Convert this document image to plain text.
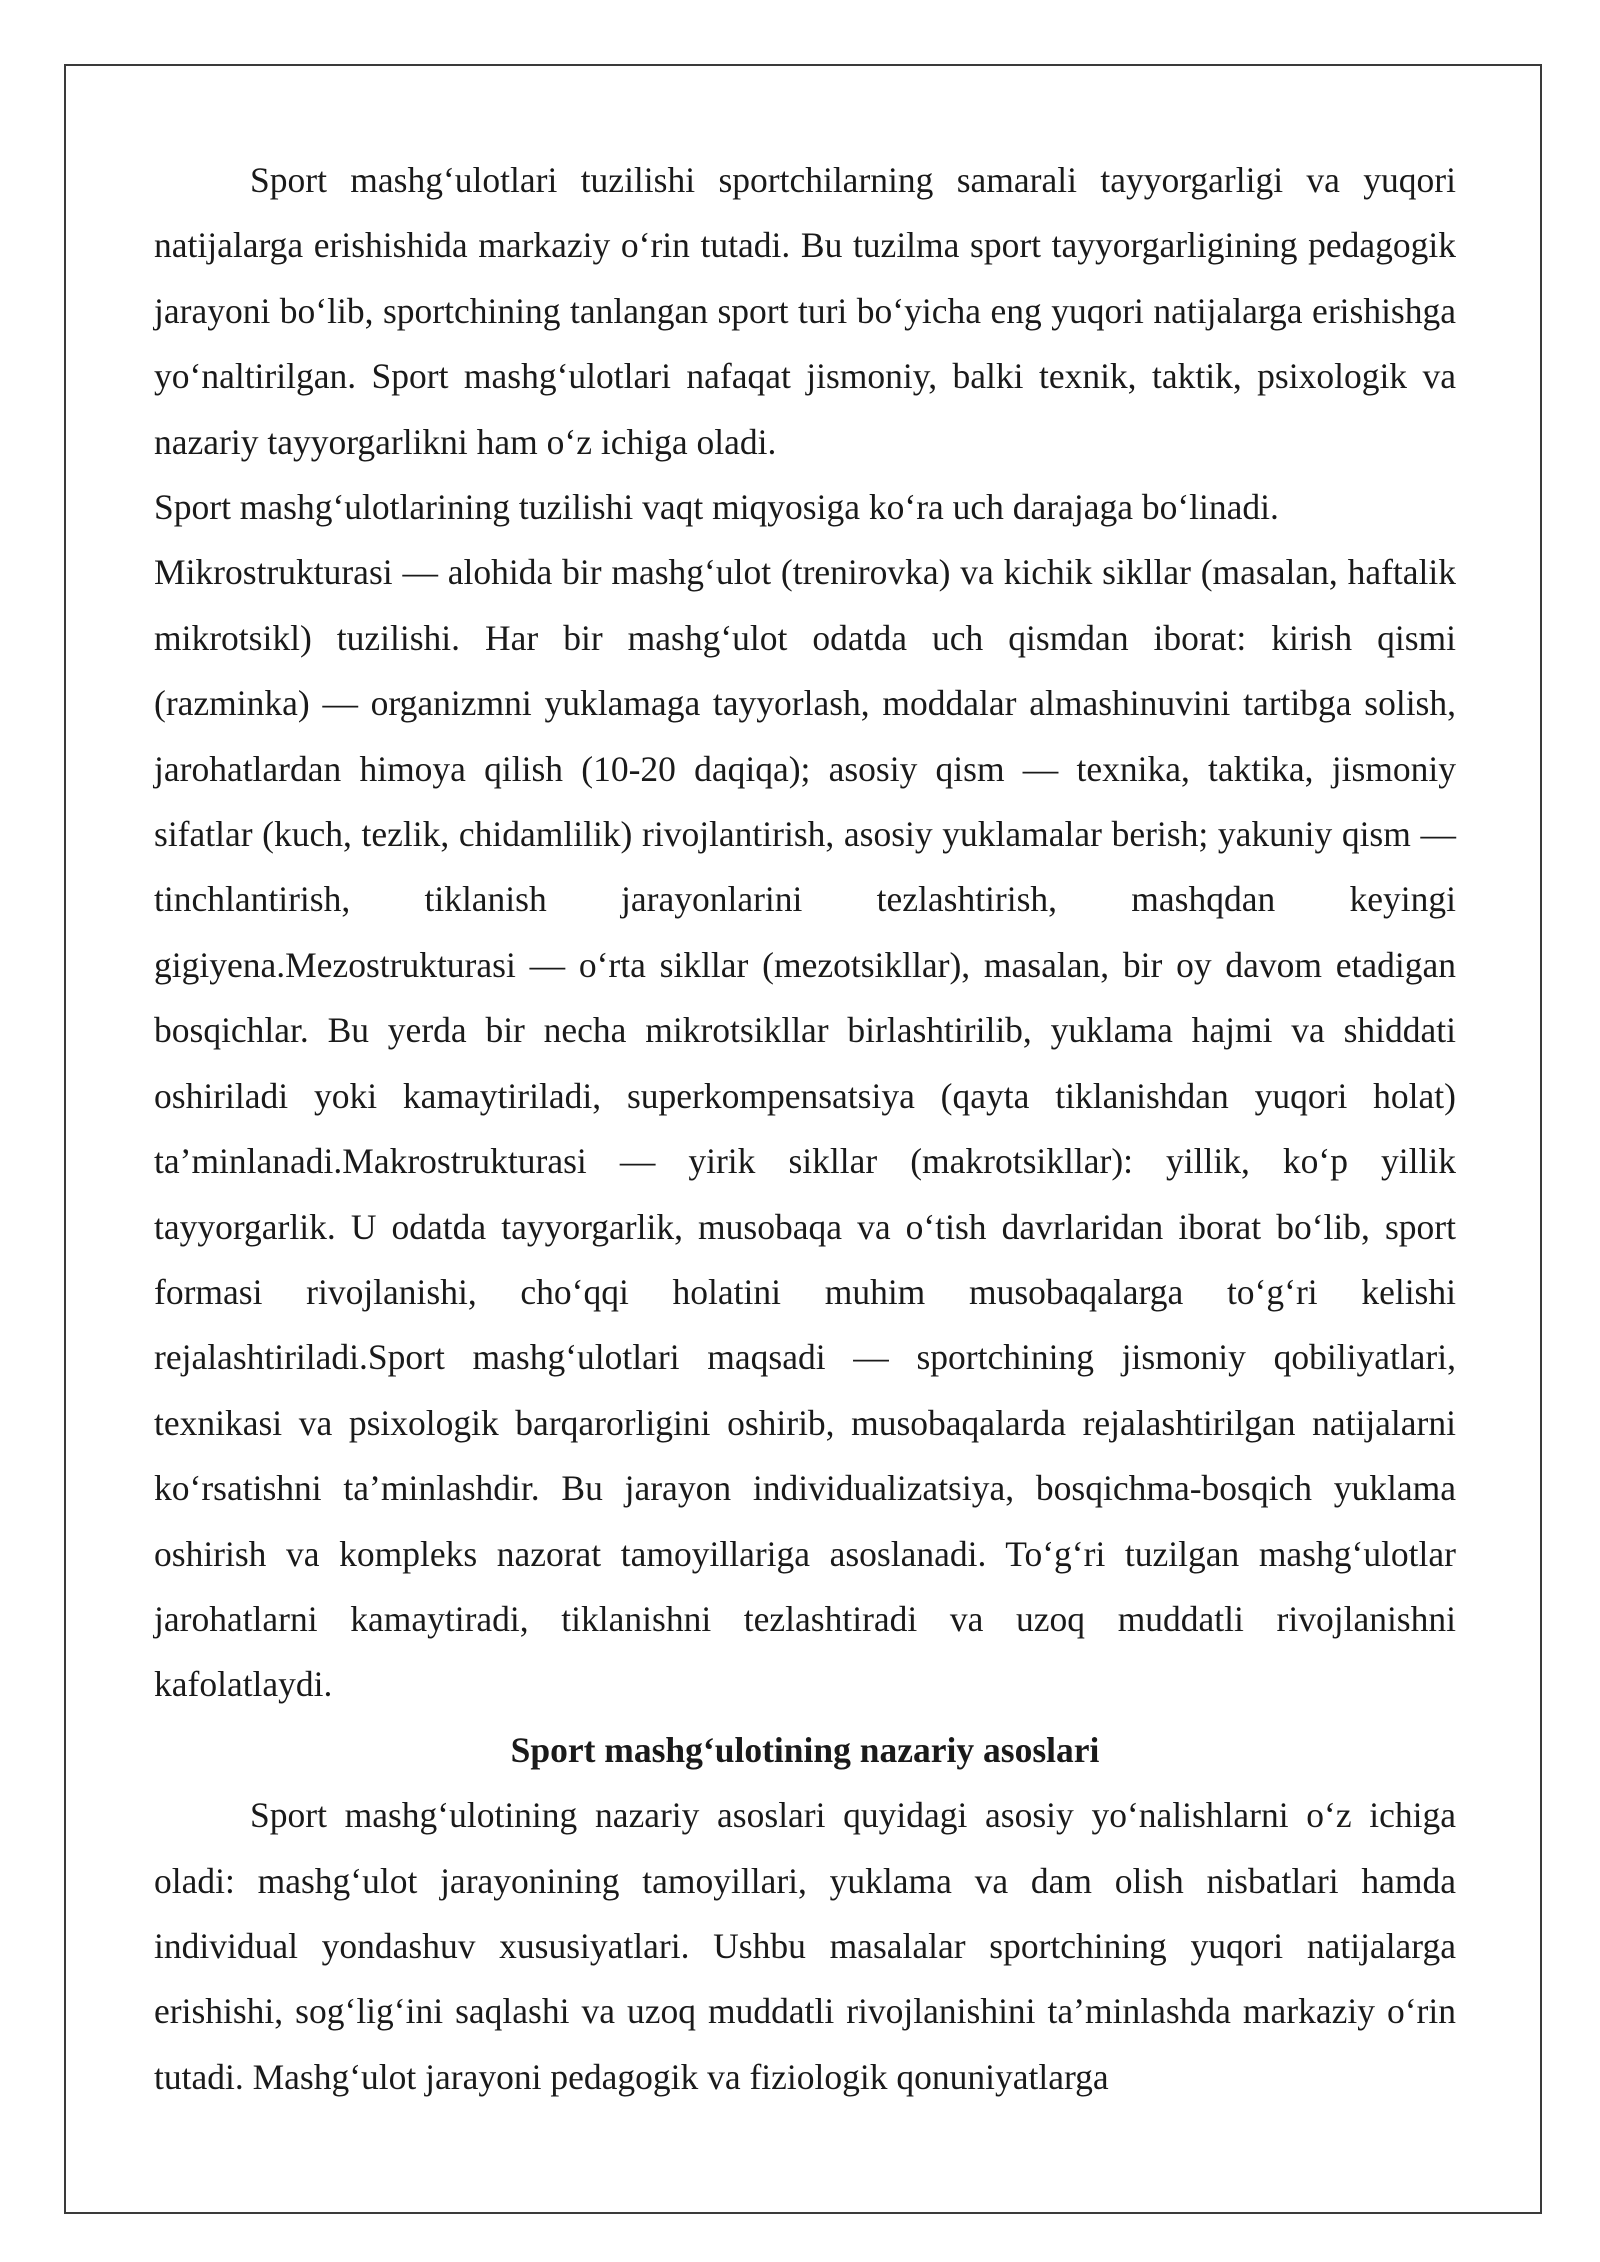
Sport mashg‘ulotlari tuzilishi sportchilarning samarali tayyorgarligi va yuqori natijalarga erishishida markaziy o‘rin tutadi. Bu tuzilma sport tayyorgarligining pedagogik jarayoni bo‘lib, sportchining tanlangan sport turi bo‘yicha eng yuqori natijalarga erishishga yo‘naltirilgan. Sport mashg‘ulotlari nafaqat jismoniy, balki texnik, taktik, psixologik va nazariy tayyorgarlikni ham o‘z ichiga oladi.

Sport mashg‘ulotlarining tuzilishi vaqt miqyosiga ko‘ra uch darajaga bo‘linadi.

Mikrostrukturasi — alohida bir mashg‘ulot (trenirovka) va kichik sikllar (masalan, haftalik mikrotsikl) tuzilishi. Har bir mashg‘ulot odatda uch qismdan iborat: kirish qismi (razminka) — organizmni yuklamaga tayyorlash, moddalar almashinuvini tartibga solish, jarohatlardan himoya qilish (10-20 daqiqa); asosiy qism — texnika, taktika, jismoniy sifatlar (kuch, tezlik, chidamlilik) rivojlantirish, asosiy yuklamalar berish; yakuniy qism — tinchlantirish, tiklanish jarayonlarini tezlashtirish, mashqdan keyingi gigiyena.Mezostrukturasi — o‘rta sikllar (mezotsikllar), masalan, bir oy davom etadigan bosqichlar. Bu yerda bir necha mikrotsikllar birlashtirilib, yuklama hajmi va shiddati oshiriladi yoki kamaytiriladi, superkompensatsiya (qayta tiklanishdan yuqori holat) ta’minlanadi.Makrostrukturasi — yirik sikllar (makrotsikllar): yillik, ko‘p yillik tayyorgarlik. U odatda tayyorgarlik, musobaqa va o‘tish davrlaridan iborat bo‘lib, sport formasi rivojlanishi, cho‘qqi holatini muhim musobaqalarga to‘g‘ri kelishi rejalashtiriladi.Sport mashg‘ulotlari maqsadi — sportchining jismoniy qobiliyatlari, texnikasi va psixologik barqarorligini oshirib, musobaqalarda rejalashtirilgan natijalarni ko‘rsatishni ta’minlashdir. Bu jarayon individualizatsiya, bosqichma-bosqich yuklama oshirish va kompleks nazorat tamoyillariga asoslanadi. To‘g‘ri tuzilgan mashg‘ulotlar jarohatlarni kamaytiradi, tiklanishni tezlashtiradi va uzoq muddatli rivojlanishni kafolatlaydi.

Sport mashg‘ulotining nazariy asoslari

Sport mashg‘ulotining nazariy asoslari quyidagi asosiy yo‘nalishlarni o‘z ichiga oladi: mashg‘ulot jarayonining tamoyillari, yuklama va dam olish nisbatlari hamda individual yondashuv xususiyatlari. Ushbu masalalar sportchining yuqori natijalarga erishishi, sog‘lig‘ini saqlashi va uzoq muddatli rivojlanishini ta’minlashda markaziy o‘rin tutadi. Mashg‘ulot jarayoni pedagogik va fiziologik qonuniyatlarga
